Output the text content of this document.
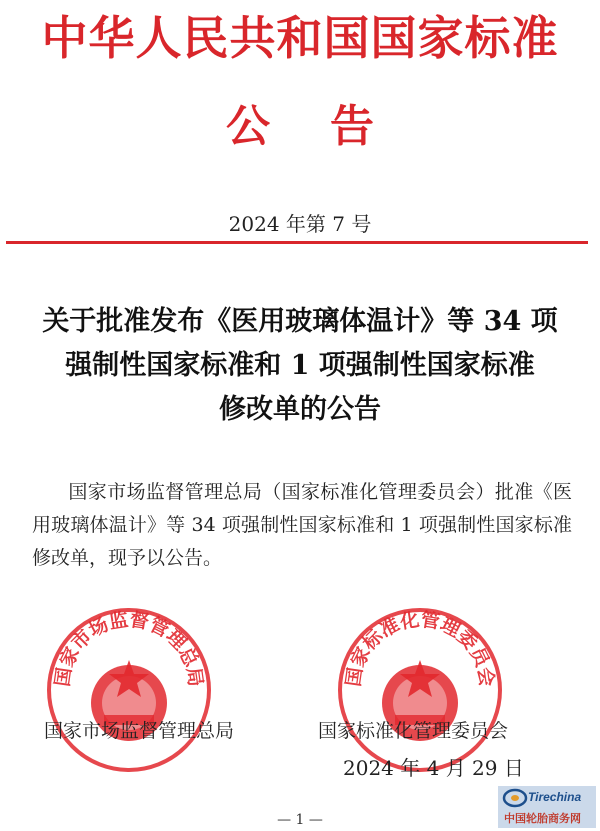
中华人民共和国国家标准
公告
2024 年第 7 号
关于批准发布《医用玻璃体温计》等 34 项
强制性国家标准和 1 项强制性国家标准
修改单的公告

国家市场监督管理总局（国家标准化管理委员会）批准《医用玻璃体温计》等 34 项强制性国家标准和 1 项强制性国家标准修改单，现予以公告。

国家市场监督管理总局	国家标准化管理委员会
国家市场监督管理总局	国家标准化管理委员会
2024 年 4 月 29 日
— 1 —
Tirechina
中国轮胎商务网
